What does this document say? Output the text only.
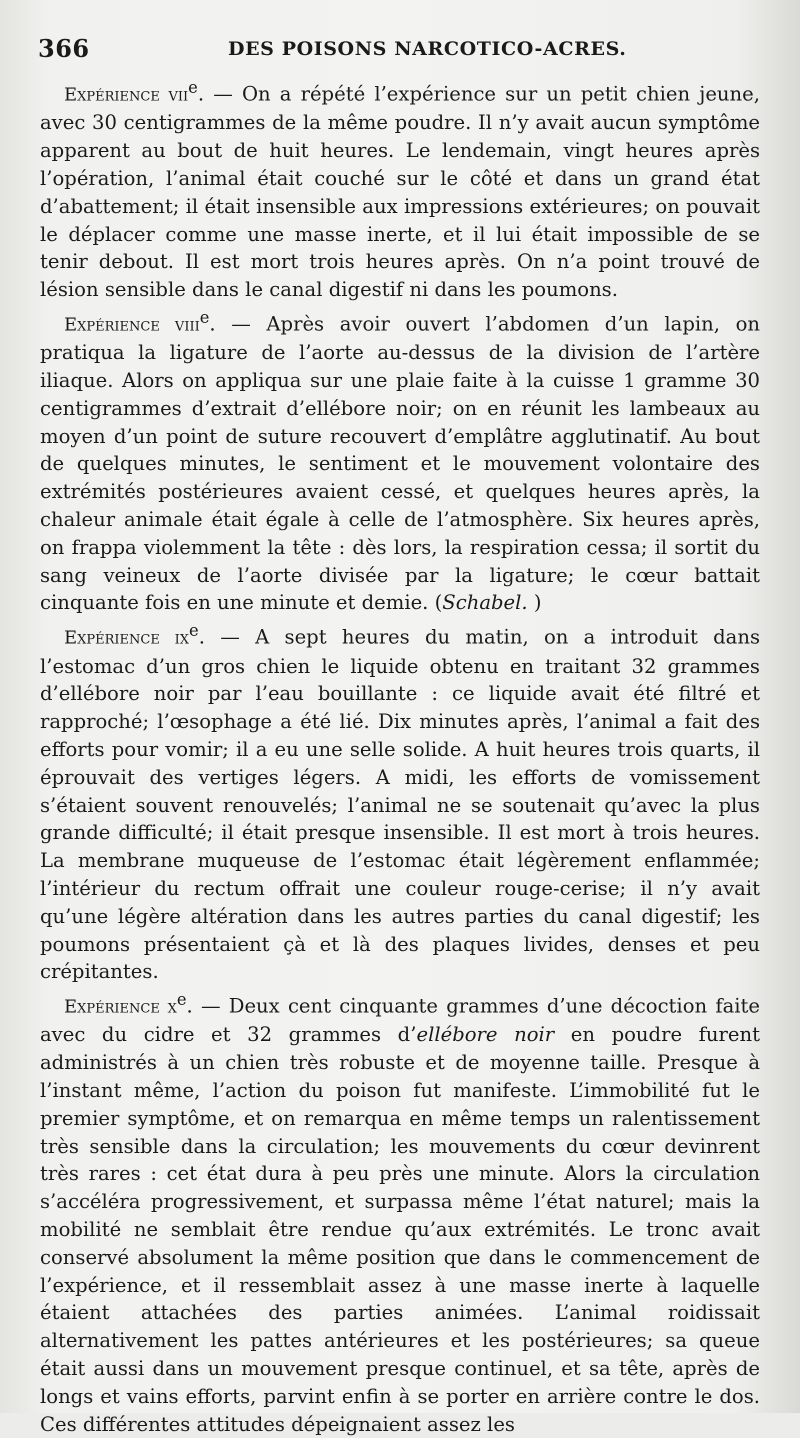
366	DES POISONS NARCOTICO-ACRES.

Expérience vii$^e$. — On a répété l’expérience sur un petit chien jeune, avec 30 centigrammes de la même poudre. Il n’y avait aucun symptôme apparent au bout de huit heures. Le lendemain, vingt heures après l’opération, l’animal était couché sur le côté et dans un grand état d’abattement; il était insensible aux impressions extérieures; on pouvait le déplacer comme une masse inerte, et il lui était impossible de se tenir debout. Il est mort trois heures après. On n’a point trouvé de lésion sensible dans le canal digestif ni dans les poumons.

Expérience viii$^e$. — Après avoir ouvert l’abdomen d’un lapin, on pratiqua la ligature de l’aorte au-dessus de la division de l’artère iliaque. Alors on appliqua sur une plaie faite à la cuisse 1 gramme 30 centigrammes d’extrait d’ellébore noir; on en réunit les lambeaux au moyen d’un point de suture recouvert d’emplâtre agglutinatif. Au bout de quelques minutes, le sentiment et le mouvement volontaire des extrémités postérieures avaient cessé, et quelques heures après, la chaleur animale était égale à celle de l’atmosphère. Six heures après, on frappa violemment la tête : dès lors, la respiration cessa; il sortit du sang veineux de l’aorte divisée par la ligature; le cœur battait cinquante fois en une minute et demie. (Schabel. )

Expérience $ix^e$. — A sept heures du matin, on a introduit dans l’estomac d’un gros chien le liquide obtenu en traitant 32 grammes d’ellébore noir par l’eau bouillante : ce liquide avait été filtré et rapproché; l’œsophage a été lié. Dix minutes après, l’animal a fait des efforts pour vomir; il a eu une selle solide. A huit heures trois quarts, il éprouvait des vertiges légers. A midi, les efforts de vomissement s’étaient souvent renouvelés; l’animal ne se soutenait qu’avec la plus grande difficulté; il était presque insensible. Il est mort à trois heures. La membrane muqueuse de l’estomac était légèrement enflammée; l’intérieur du rectum offrait une couleur rouge-cerise; il n’y avait qu’une légère altération dans les autres parties du canal digestif; les poumons présentaient çà et là des plaques livides, denses et peu crépitantes.

Expérience $x^e$. — Deux cent cinquante grammes d’une décoction faite avec du cidre et 32 grammes d’ellébore noir en poudre furent administrés à un chien très robuste et de moyenne taille. Presque à l’instant même, l’action du poison fut manifeste. L’immobilité fut le premier symptôme, et on remarqua en même temps un ralentissement très sensible dans la circulation; les mouvements du cœur devinrent très rares : cet état dura à peu près une minute. Alors la circulation s’accéléra progressivement, et surpassa même l’état naturel; mais la mobilité ne semblait être rendue qu’aux extrémités. Le tronc avait conservé absolument la même position que dans le commencement de l’expérience, et il ressemblait assez à une masse inerte à laquelle étaient attachées des parties animées. L’animal roidissait alternativement les pattes antérieures et les postérieures; sa queue était aussi dans un mouvement presque continuel, et sa tête, après de longs et vains efforts, parvint enfin à se porter en arrière contre le dos. Ces différentes attitudes dépeignaient assez les
